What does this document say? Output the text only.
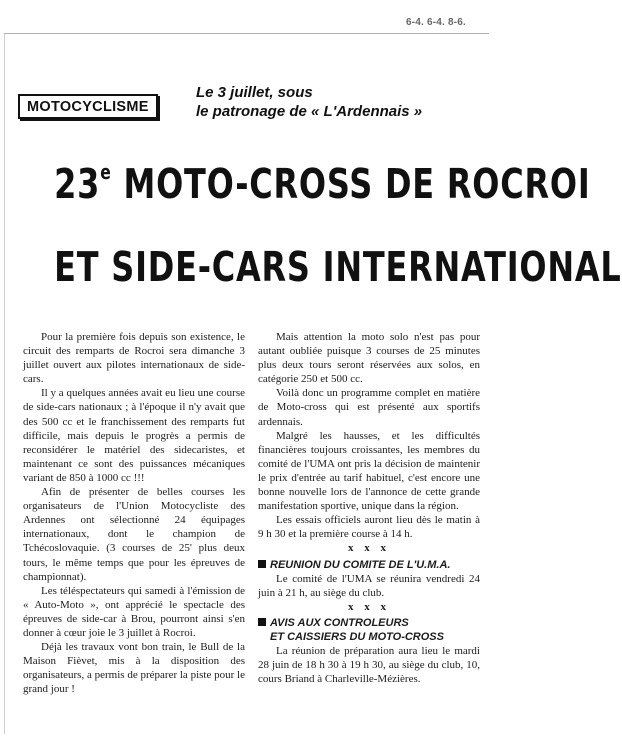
6-4. 6-4. 8-6.
MOTOCYCLISME
Le 3 juillet, sous
le patronage de « L'Ardennais »
23e MOTO-CROSS DE ROCROI
ET SIDE-CARS INTERNATIONAL

Pour la première fois depuis son existence, le circuit des remparts de Rocroi sera dimanche 3 juillet ouvert aux pilotes internationaux de side-cars.

Il y a quelques années avait eu lieu une course de side-cars nationaux ; à l'époque il n'y avait que des 500 cc et le franchissement des remparts fut difficile, mais depuis le progrès a permis de reconsidérer le matériel des sidecaristes, et maintenant ce sont des puissances mécaniques variant de 850 à 1000 cc !!!

Afin de présenter de belles courses les organisateurs de l'Union Motocycliste des Ardennes ont sélectionné 24 équipages internationaux, dont le champion de Tchécoslovaquie. (3 courses de 25' plus deux tours, le même temps que pour les épreuves de championnat).

Les téléspectateurs qui samedi à l'émission de « Auto-Moto », ont apprécié le spectacle des épreuves de side-car à Brou, pourront ainsi s'en donner à cœur joie le 3 juillet à Rocroi.

Déjà les travaux vont bon train, le Bull de la Maison Fièvet, mis à la disposition des organisateurs, a permis de préparer la piste pour le grand jour !

Mais attention la moto solo n'est pas pour autant oubliée puisque 3 courses de 25 minutes plus deux tours seront réservées aux solos, en catégorie 250 et 500 cc.

Voilà donc un programme complet en matière de Moto-cross qui est présenté aux sportifs ardennais.

Malgré les hausses, et les difficultés financières toujours croissantes, les membres du comité de l'UMA ont pris la décision de maintenir le prix d'entrée au tarif habituel, c'est encore une bonne nouvelle lors de l'annonce de cette grande manifestation sportive, unique dans la région.

Les essais officiels auront lieu dès le matin à 9 h 30 et la première course à 14 h.

x x x

REUNION DU COMITE DE L'U.M.A.

Le comité de l'UMA se réunira vendredi 24 juin à 21 h, au siège du club.

x x x

AVIS AUX CONTROLEURS
ET CAISSIERS DU MOTO-CROSS

La réunion de préparation aura lieu le mardi 28 juin de 18 h 30 à 19 h 30, au siège du club, 10, cours Briand à Charleville-Mézières.
